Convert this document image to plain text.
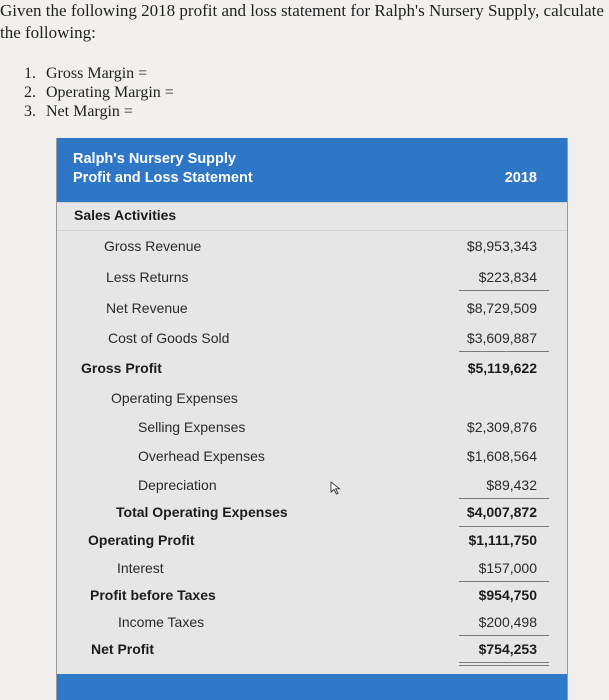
Given the following 2018 profit and loss statement for Ralph's Nursery Supply, calculate the following:
1. Gross Margin =
2. Operating Margin =
3. Net Margin =
Ralph's Nursery Supply
Profit and Loss Statement	2018
Sales Activities
Gross Revenue	$8,953,343
Less Returns	$223,834
Net Revenue	$8,729,509
Cost of Goods Sold	$3,609,887
Gross Profit	$5,119,622
Operating Expenses
Selling Expenses	$2,309,876
Overhead Expenses	$1,608,564
Depreciation	$89,432
Total Operating Expenses	$4,007,872
Operating Profit	$1,111,750
Interest	$157,000
Profit before Taxes	$954,750
Income Taxes	$200,498
Net Profit	$754,253
